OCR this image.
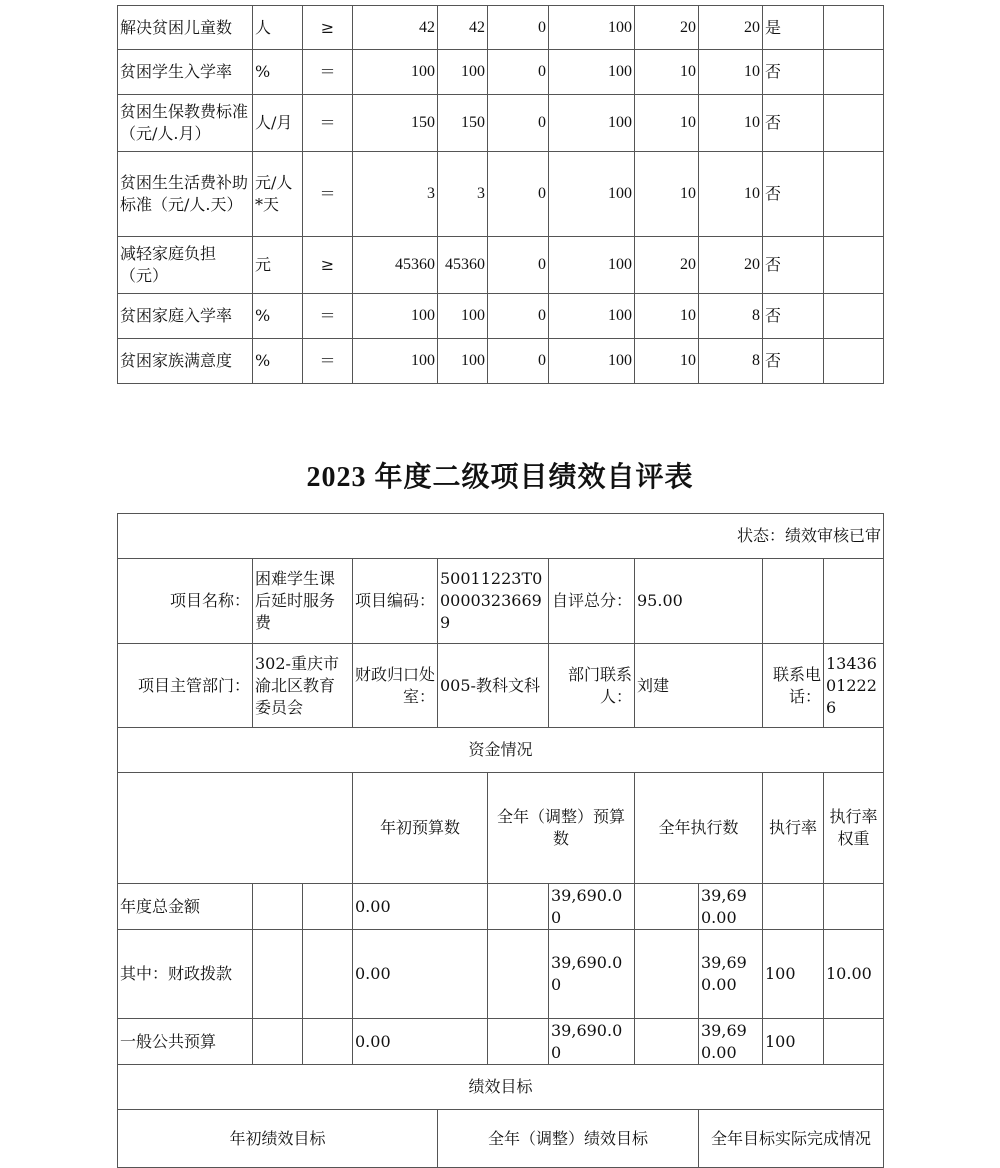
解决贫困儿童数	人	≥	42	42	0	100	20	20	是	
贫困学生入学率	%	＝	100	100	0	100	10	10	否	
贫困生保教费标准（元/人.月）	人/月	＝	150	150	0	100	10	10	否	
贫困生生活费补助标准（元/人.天）	元/人*天	＝	3	3	0	100	10	10	否	
减轻家庭负担（元）	元	≥	45360	45360	0	100	20	20	否	
贫困家庭入学率	%	＝	100	100	0	100	10	8	否	
贫困家族满意度	%	＝	100	100	0	100	10	8	否	
2023 年度二级项目绩效自评表
状态：绩效审核已审											
项目名称：	困难学生课后延时服务费		项目编码：	50011223T000003236699		自评总分：	95.00				
项目主管部门：	302-重庆市渝北区教育委员会		财政归口处室：	005-教科文科		部门联系人：	刘建		联系电话：	13436012226	
资金情况											
			年初预算数		全年（调整）预算数		全年执行数		执行率	执行率权重	
年度总金额			0.00			39,690.00		39,690.00			
其中：财政拨款			0.00			39,690.00		39,690.00	100	10.00	
一般公共预算			0.00			39,690.00		39,690.00	100		
绩效目标											
年初绩效目标				全年（调整）绩效目标				全年目标实际完成情况			
